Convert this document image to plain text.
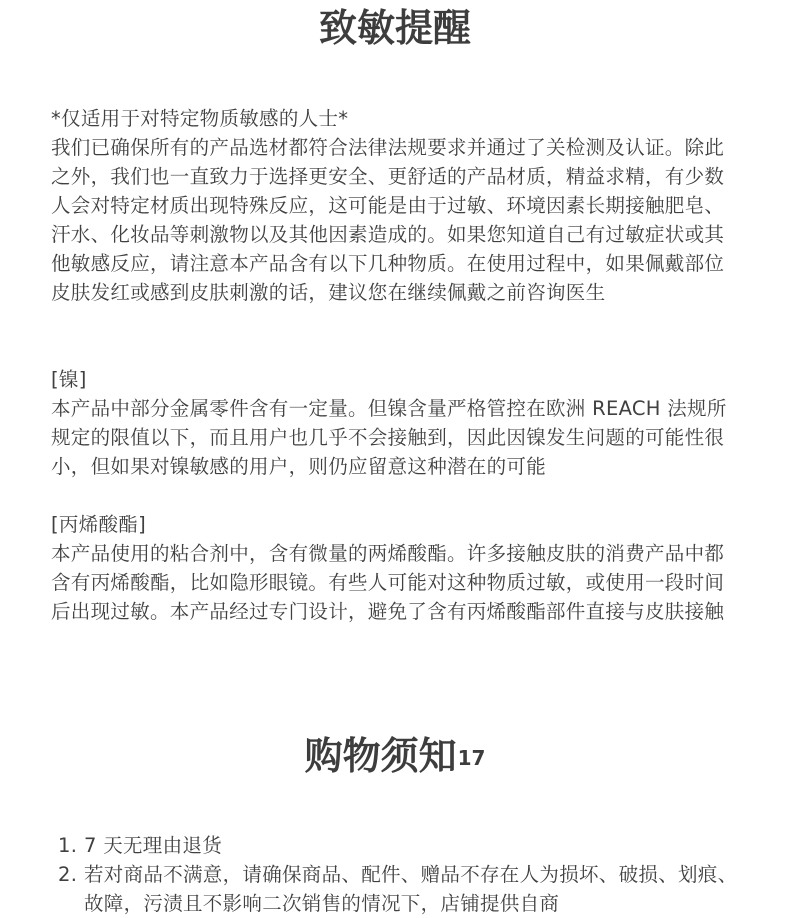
致敏提醒

*仅适用于对特定物质敏感的人士*

我们已确保所有的产品选材都符合法律法规要求并通过了关检测及认证。除此之外，我们也一直致力于选择更安全、更舒适的产品材质，精益求精，有少数人会对特定材质出现特殊反应，这可能是由于过敏、环境因素长期接触肥皂、汗水、化妆品等刺激物以及其他因素造成的。如果您知道自己有过敏症状或其他敏感反应，请注意本产品含有以下几种物质。在使用过程中，如果佩戴部位皮肤发红或感到皮肤刺激的话，建议您在继续佩戴之前咨询医生

[镍]

本产品中部分金属零件含有一定量。但镍含量严格管控在欧洲 REACH 法规所规定的限值以下，而且用户也几乎不会接触到，因此因镍发生问题的可能性很小，但如果对镍敏感的用户，则仍应留意这种潜在的可能

[丙烯酸酯]

本产品使用的粘合剂中，含有微量的两烯酸酯。许多接触皮肤的消费产品中都含有丙烯酸酯，比如隐形眼镜。有些人可能对这种物质过敏，或使用一段时间后出现过敏。本产品经过专门设计，避免了含有丙烯酸酯部件直接与皮肤接触

购物须知$^{17}$
1. 7 天无理由退货
2. 若对商品不满意，请确保商品、配件、赠品不存在人为损坏、破损、划痕、故障，污渍且不影响二次销售的情况下，店铺提供自商
